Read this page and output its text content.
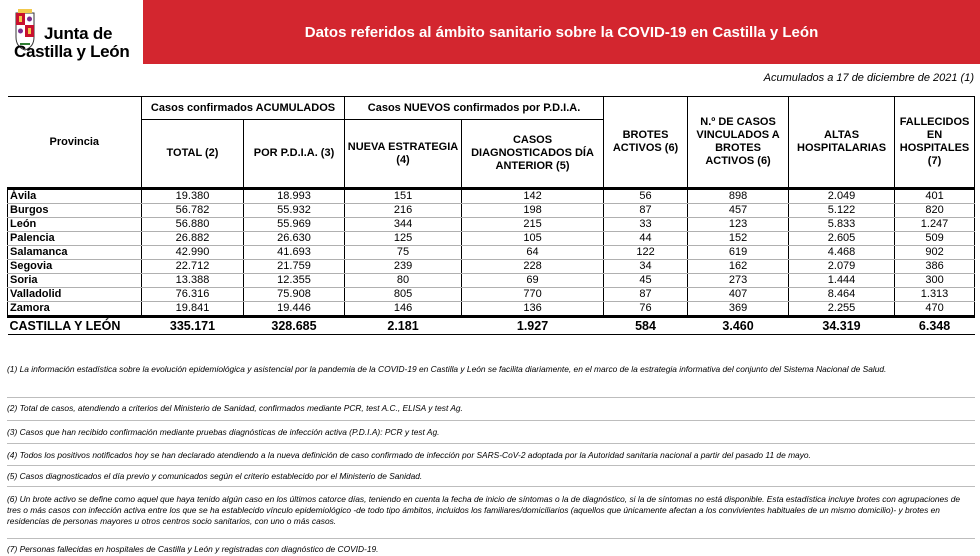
Junta de
Castilla y León
Datos referidos al ámbito sanitario sobre la COVID-19 en Castilla y León
Acumulados a 17 de diciembre de 2021 (1)
Provincia	Casos confirmados ACUMULADOS		Casos NUEVOS confirmados por P.D.I.A.		BROTES ACTIVOS (6)	N.º DE CASOS VINCULADOS A BROTES ACTIVOS (6)	ALTAS HOSPITALARIAS	FALLECIDOS EN HOSPITALES (7)
	TOTAL (2)	POR P.D.I.A. (3)	NUEVA ESTRATEGIA (4)	CASOS DIAGNOSTICADOS DÍA ANTERIOR (5)				
Ávila	19.380	18.993	151	142	56	898	2.049	401
Burgos	56.782	55.932	216	198	87	457	5.122	820
León	56.880	55.969	344	215	33	123	5.833	1.247
Palencia	26.882	26.630	125	105	44	152	2.605	509
Salamanca	42.990	41.693	75	64	122	619	4.468	902
Segovia	22.712	21.759	239	228	34	162	2.079	386
Soria	13.388	12.355	80	69	45	273	1.444	300
Valladolid	76.316	75.908	805	770	87	407	8.464	1.313
Zamora	19.841	19.446	146	136	76	369	2.255	470
CASTILLA Y LEÓN	335.171	328.685	2.181	1.927	584	3.460	34.319	6.348

(1) La información estadística sobre la evolución epidemiológica y asistencial por la pandemia de la COVID-19 en Castilla y León se facilita diariamente, en el marco de la estrategia informativa del conjunto del Sistema Nacional de Salud.

(2) Total de casos, atendiendo a criterios del Ministerio de Sanidad, confirmados mediante PCR, test A.C., ELISA y test Ag.

(3) Casos que han recibido confirmación mediante pruebas diagnósticas de infección activa (P.D.I.A): PCR y test Ag.

(4) Todos los positivos notificados hoy se han declarado atendiendo a la nueva definición de caso confirmado de infección por SARS-CoV-2 adoptada por la Autoridad sanitaria nacional a partir del pasado 11 de mayo.

(5) Casos diagnosticados el día previo y comunicados según el criterio establecido por el Ministerio de Sanidad.

(6) Un brote activo se define como aquel que haya tenido algún caso en los últimos catorce días, teniendo en cuenta la fecha de inicio de síntomas o la de diagnóstico, si la de síntomas no está disponible. Esta estadística incluye brotes con agrupaciones de tres o más casos con infección activa entre los que se ha establecido vínculo epidemiológico -de todo tipo ámbitos, incluidos los familiares/domiciliarios (aquellos que únicamente afectan a los convivientes habituales de un mismo domicilio)- y brotes en residencias de personas mayores u otros centros socio sanitarios, con uno o más casos.

(7) Personas fallecidas en hospitales de Castilla y León y registradas con diagnóstico de COVID-19.
